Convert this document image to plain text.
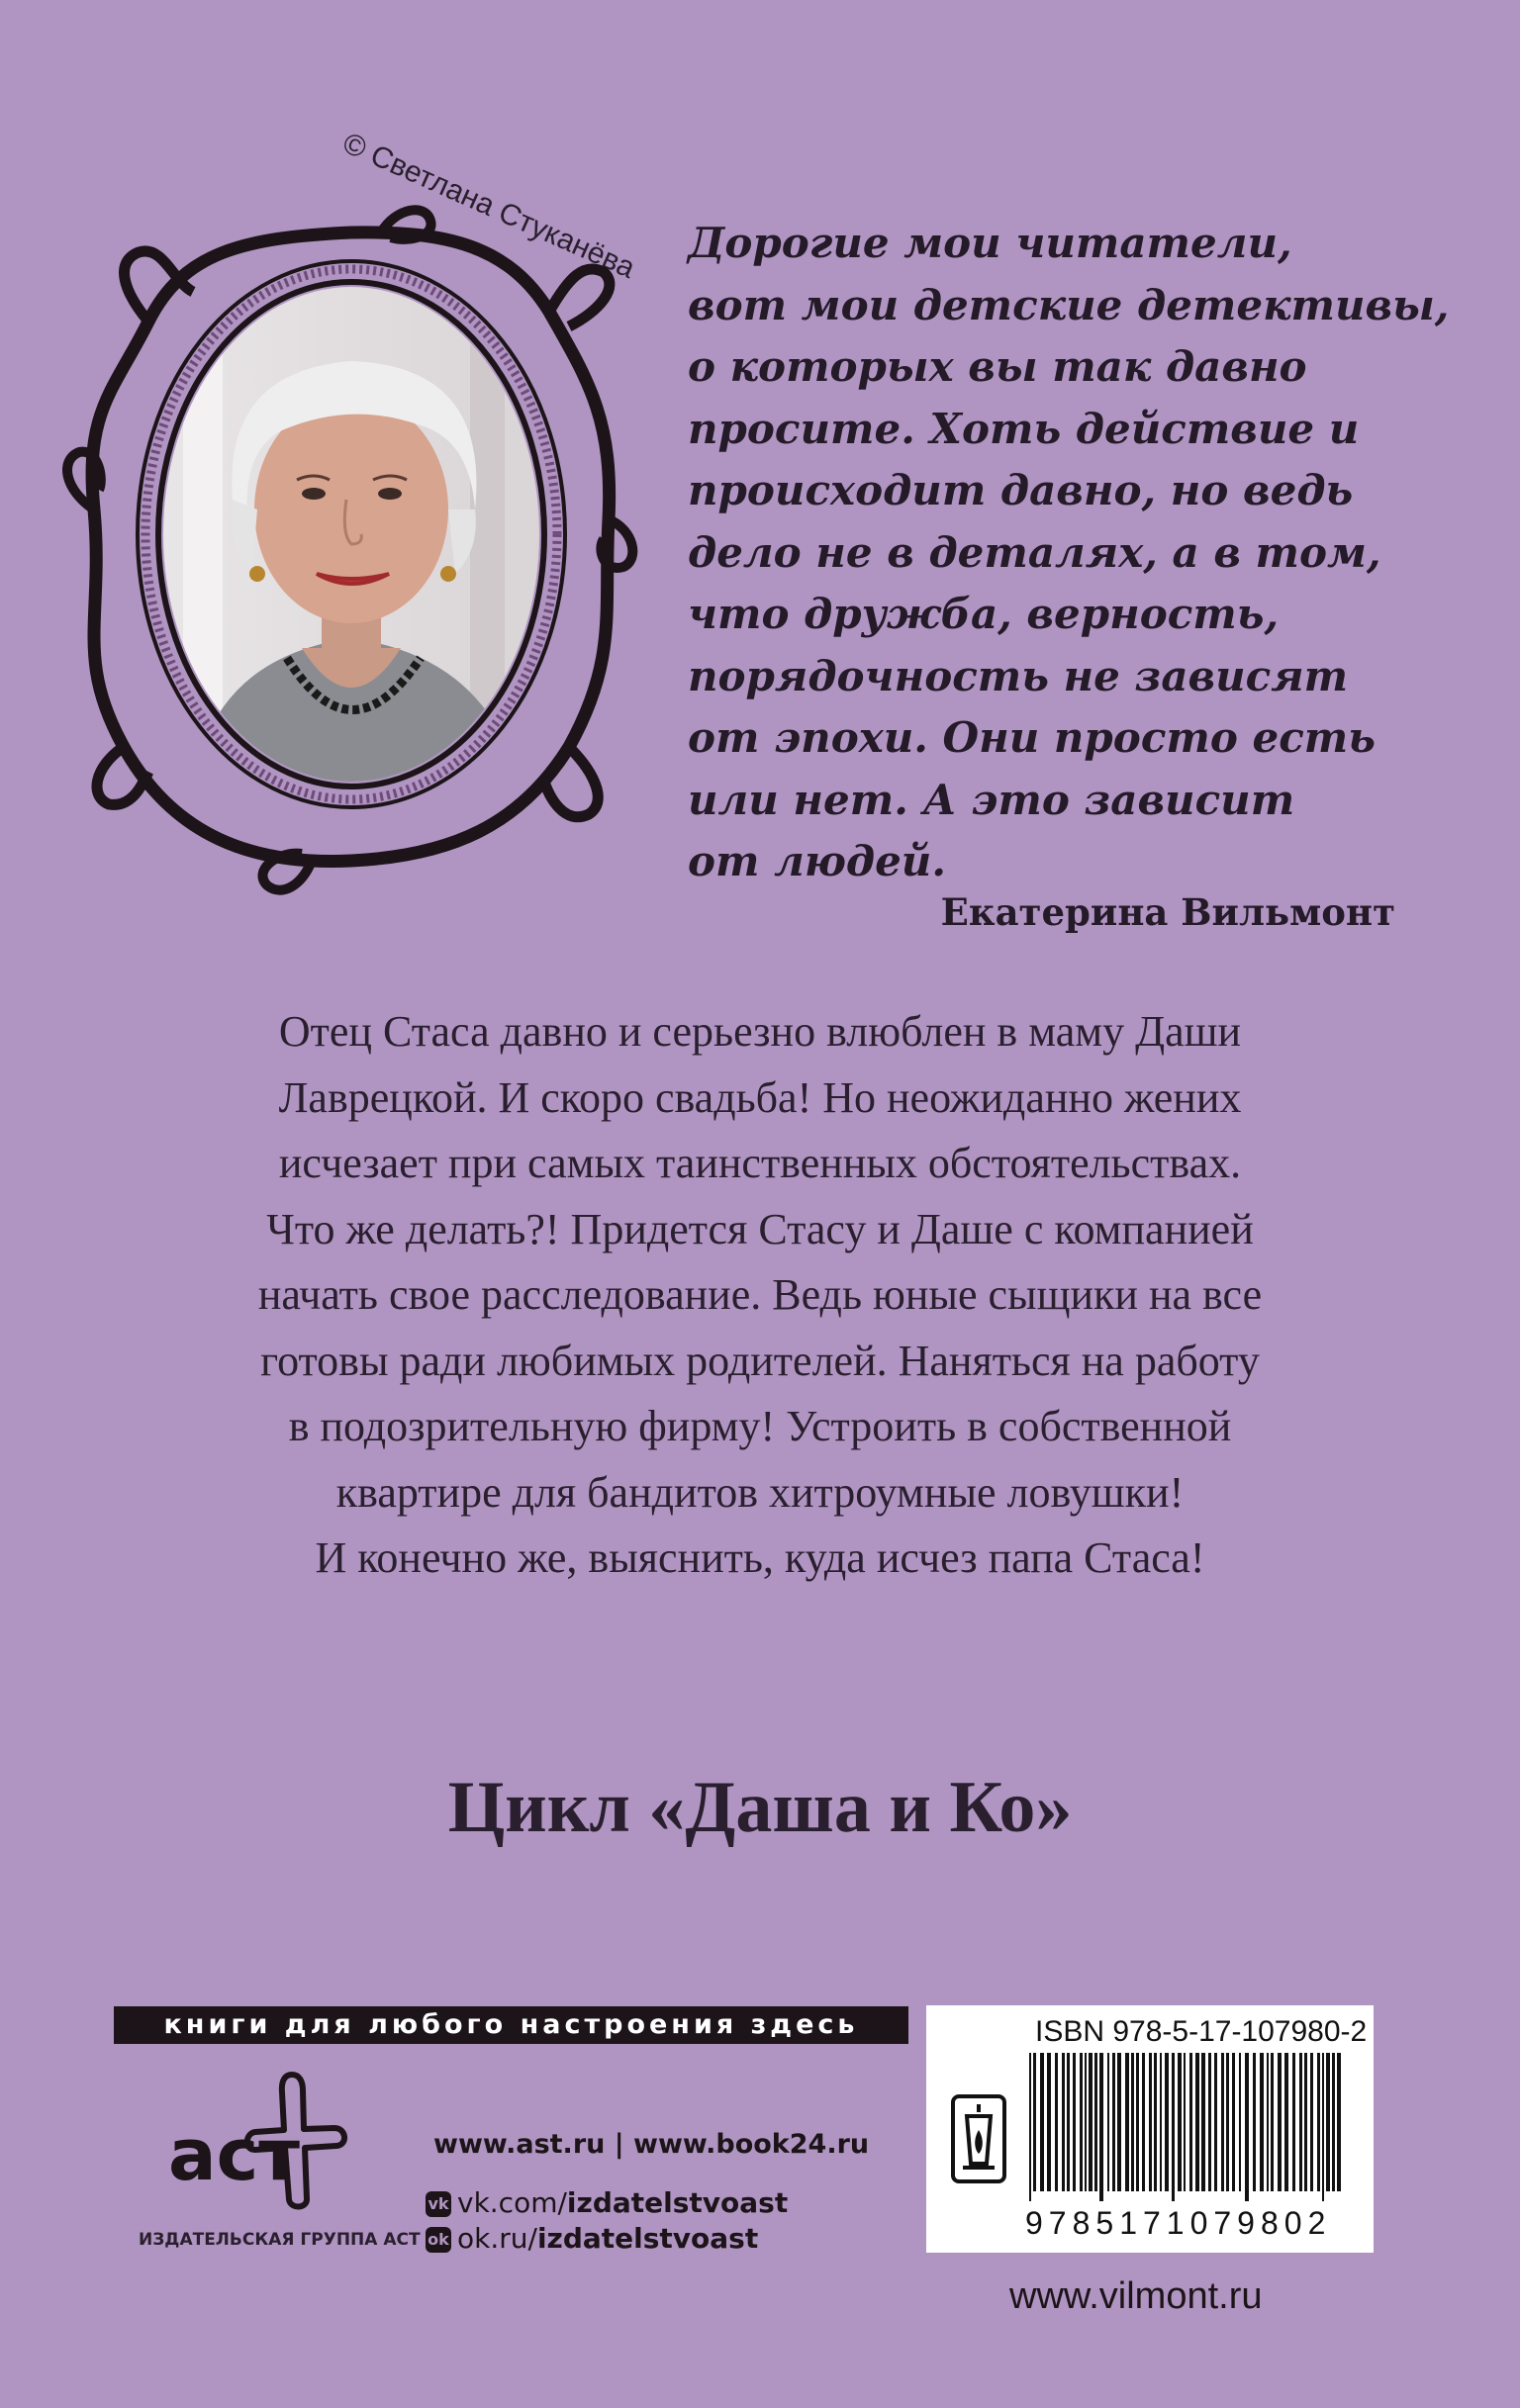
© Светлана Стуканёва Дорогие мои читатели,
вот мои детские детективы,
о которых вы так давно
просите. Хоть действие и
происходит давно, но ведь
дело не в деталях, а в том,
что дружба, верность,
порядочность не зависят
от эпохи. Они просто есть
или нет. А это зависит
от людей.
Екатерина Вильмонт
Отец Стаса давно и серьезно влюблен в маму Даши
Лаврецкой. И скоро свадьба! Но неожиданно жених
исчезает при самых таинственных обстоятельствах.
Что же делать?! Придется Стасу и Даше с компанией
начать свое расследование. Ведь юные сыщики на все
готовы ради любимых родителей. Наняться на работу
в подозрительную фирму! Устроить в собственной
квартире для бандитов хитроумные ловушки!
И конечно же, выяснить, куда исчез папа Стаса!
Цикл «Даша и Ко»
книги для любого настроения здесь
аст
ИЗДАТЕЛЬСКАЯ ГРУППА АСТ
www.ast.ru | www.book24.ru
vk vk.com/izdatelstvoast
ok ok.ru/izdatelstvoast
ISBN 978-5-17-107980-2
9785171079802
www.vilmont.ru
